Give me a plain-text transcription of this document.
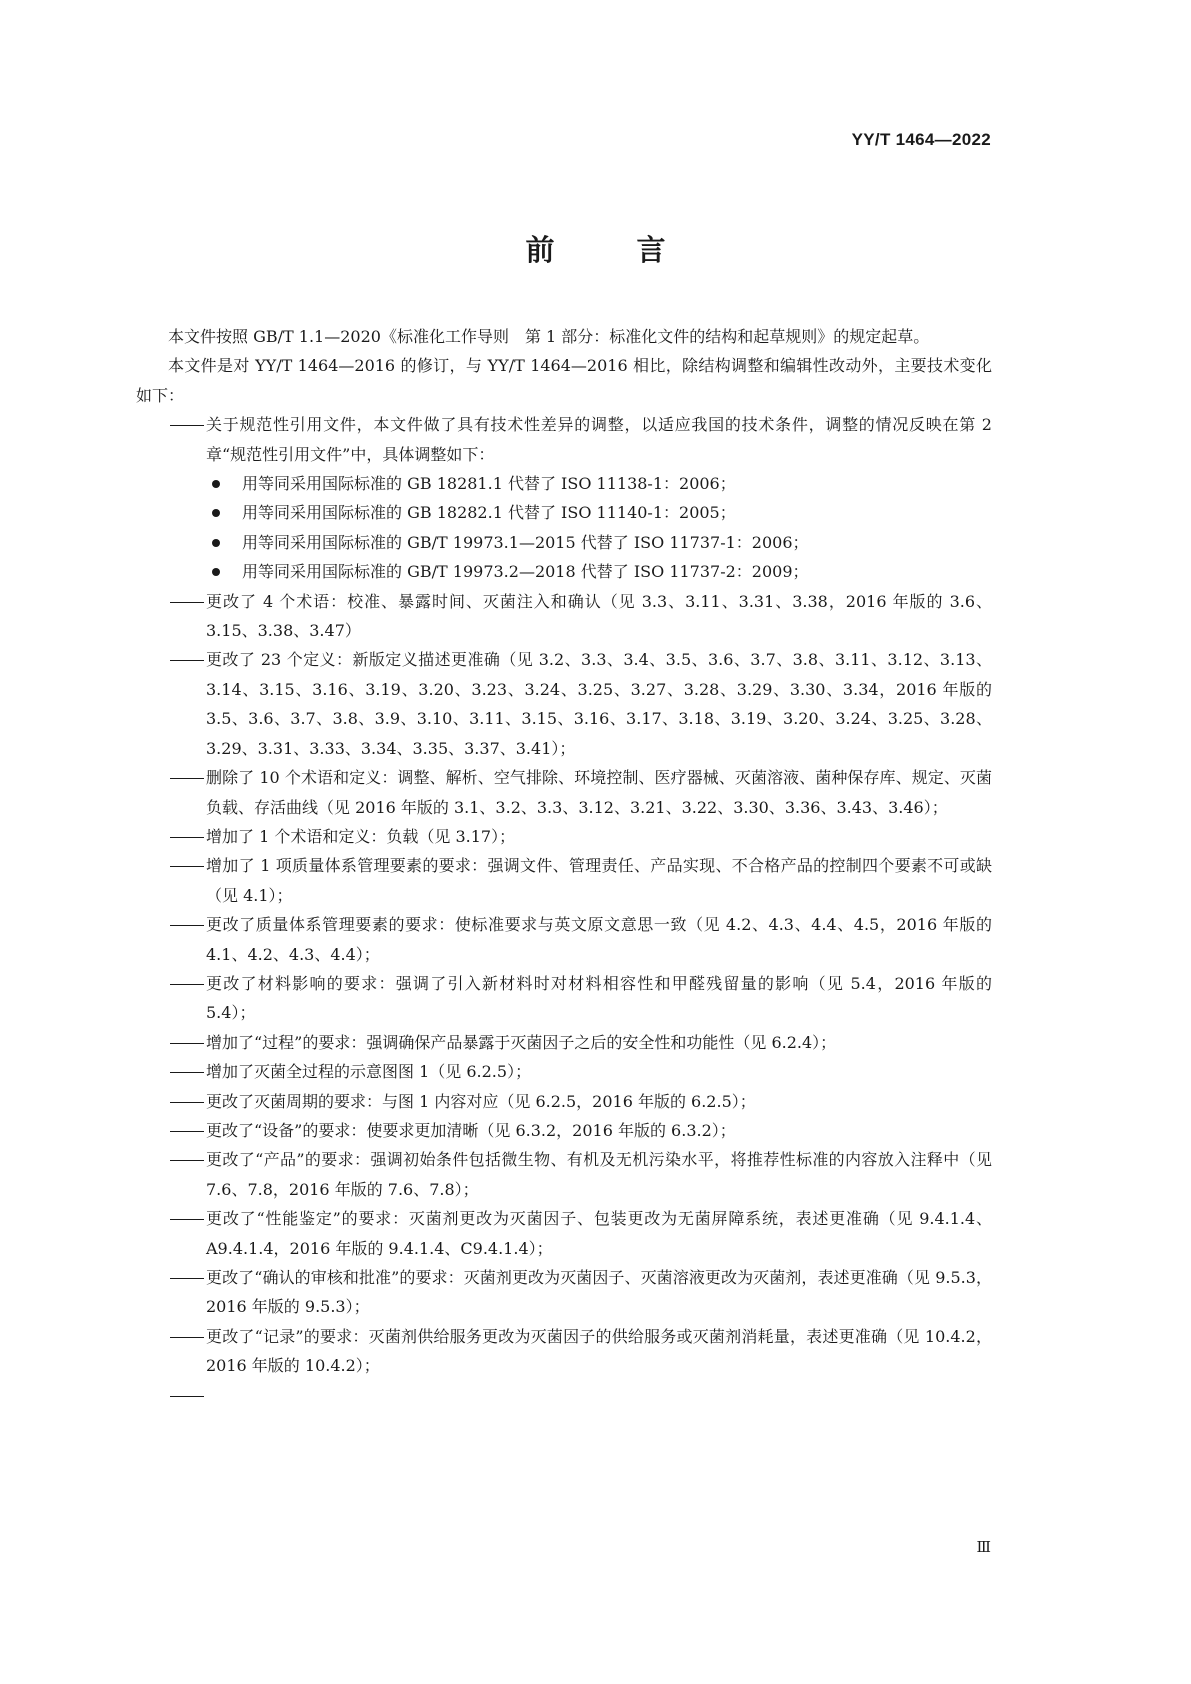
YY/T 1464—2022
前 言

本文件按照 GB/T 1.1—2020《标准化工作导则　第 1 部分：标准化文件的结构和起草规则》的规定起草。

本文件是对 YY/T 1464—2016 的修订，与 YY/T 1464—2016 相比，除结构调整和编辑性改动外，主要技术变化如下：

关于规范性引用文件，本文件做了具有技术性差异的调整，以适应我国的技术条件，调整的情况反映在第 2 章“规范性引用文件”中，具体调整如下：

用等同采用国际标准的 GB 18281.1 代替了 ISO 11138-1：2006；

用等同采用国际标准的 GB 18282.1 代替了 ISO 11140-1：2005；

用等同采用国际标准的 GB/T 19973.1—2015 代替了 ISO 11737-1：2006；

用等同采用国际标准的 GB/T 19973.2—2018 代替了 ISO 11737-2：2009；

更改了 4 个术语：校准、暴露时间、灭菌注入和确认（见 3.3、3.11、3.31、3.38，2016 年版的 3.6、3.15、3.38、3.47）

更改了 23 个定义：新版定义描述更准确（见 3.2、3.3、3.4、3.5、3.6、3.7、3.8、3.11、3.12、3.13、3.14、3.15、3.16、3.19、3.20、3.23、3.24、3.25、3.27、3.28、3.29、3.30、3.34，2016 年版的 3.5、3.6、3.7、3.8、3.9、3.10、3.11、3.15、3.16、3.17、3.18、3.19、3.20、3.24、3.25、3.28、3.29、3.31、3.33、3.34、3.35、3.37、3.41）；

删除了 10 个术语和定义：调整、解析、空气排除、环境控制、医疗器械、灭菌溶液、菌种保存库、规定、灭菌负载、存活曲线（见 2016 年版的 3.1、3.2、3.3、3.12、3.21、3.22、3.30、3.36、3.43、3.46）；

增加了 1 个术语和定义：负载（见 3.17）；

增加了 1 项质量体系管理要素的要求：强调文件、管理责任、产品实现、不合格产品的控制四个要素不可或缺（见 4.1）；

更改了质量体系管理要素的要求：使标准要求与英文原文意思一致（见 4.2、4.3、4.4、4.5，2016 年版的 4.1、4.2、4.3、4.4）；

更改了材料影响的要求：强调了引入新材料时对材料相容性和甲醛残留量的影响（见 5.4，2016 年版的 5.4）；

增加了“过程”的要求：强调确保产品暴露于灭菌因子之后的安全性和功能性（见 6.2.4）；

增加了灭菌全过程的示意图图 1（见 6.2.5）；

更改了灭菌周期的要求：与图 1 内容对应（见 6.2.5，2016 年版的 6.2.5）；

更改了“设备”的要求：使要求更加清晰（见 6.3.2，2016 年版的 6.3.2）；

更改了“产品”的要求：强调初始条件包括微生物、有机及无机污染水平，将推荐性标准的内容放入注释中（见 7.6、7.8，2016 年版的 7.6、7.8）；

更改了“性能鉴定”的要求：灭菌剂更改为灭菌因子、包装更改为无菌屏障系统，表述更准确（见 9.4.1.4、A9.4.1.4，2016 年版的 9.4.1.4、C9.4.1.4）；

更改了“确认的审核和批准”的要求：灭菌剂更改为灭菌因子、灭菌溶液更改为灭菌剂，表述更准确（见 9.5.3，2016 年版的 9.5.3）；

更改了“记录”的要求：灭菌剂供给服务更改为灭菌因子的供给服务或灭菌剂消耗量，表述更准确（见 10.4.2，2016 年版的 10.4.2）；

Ⅲ
